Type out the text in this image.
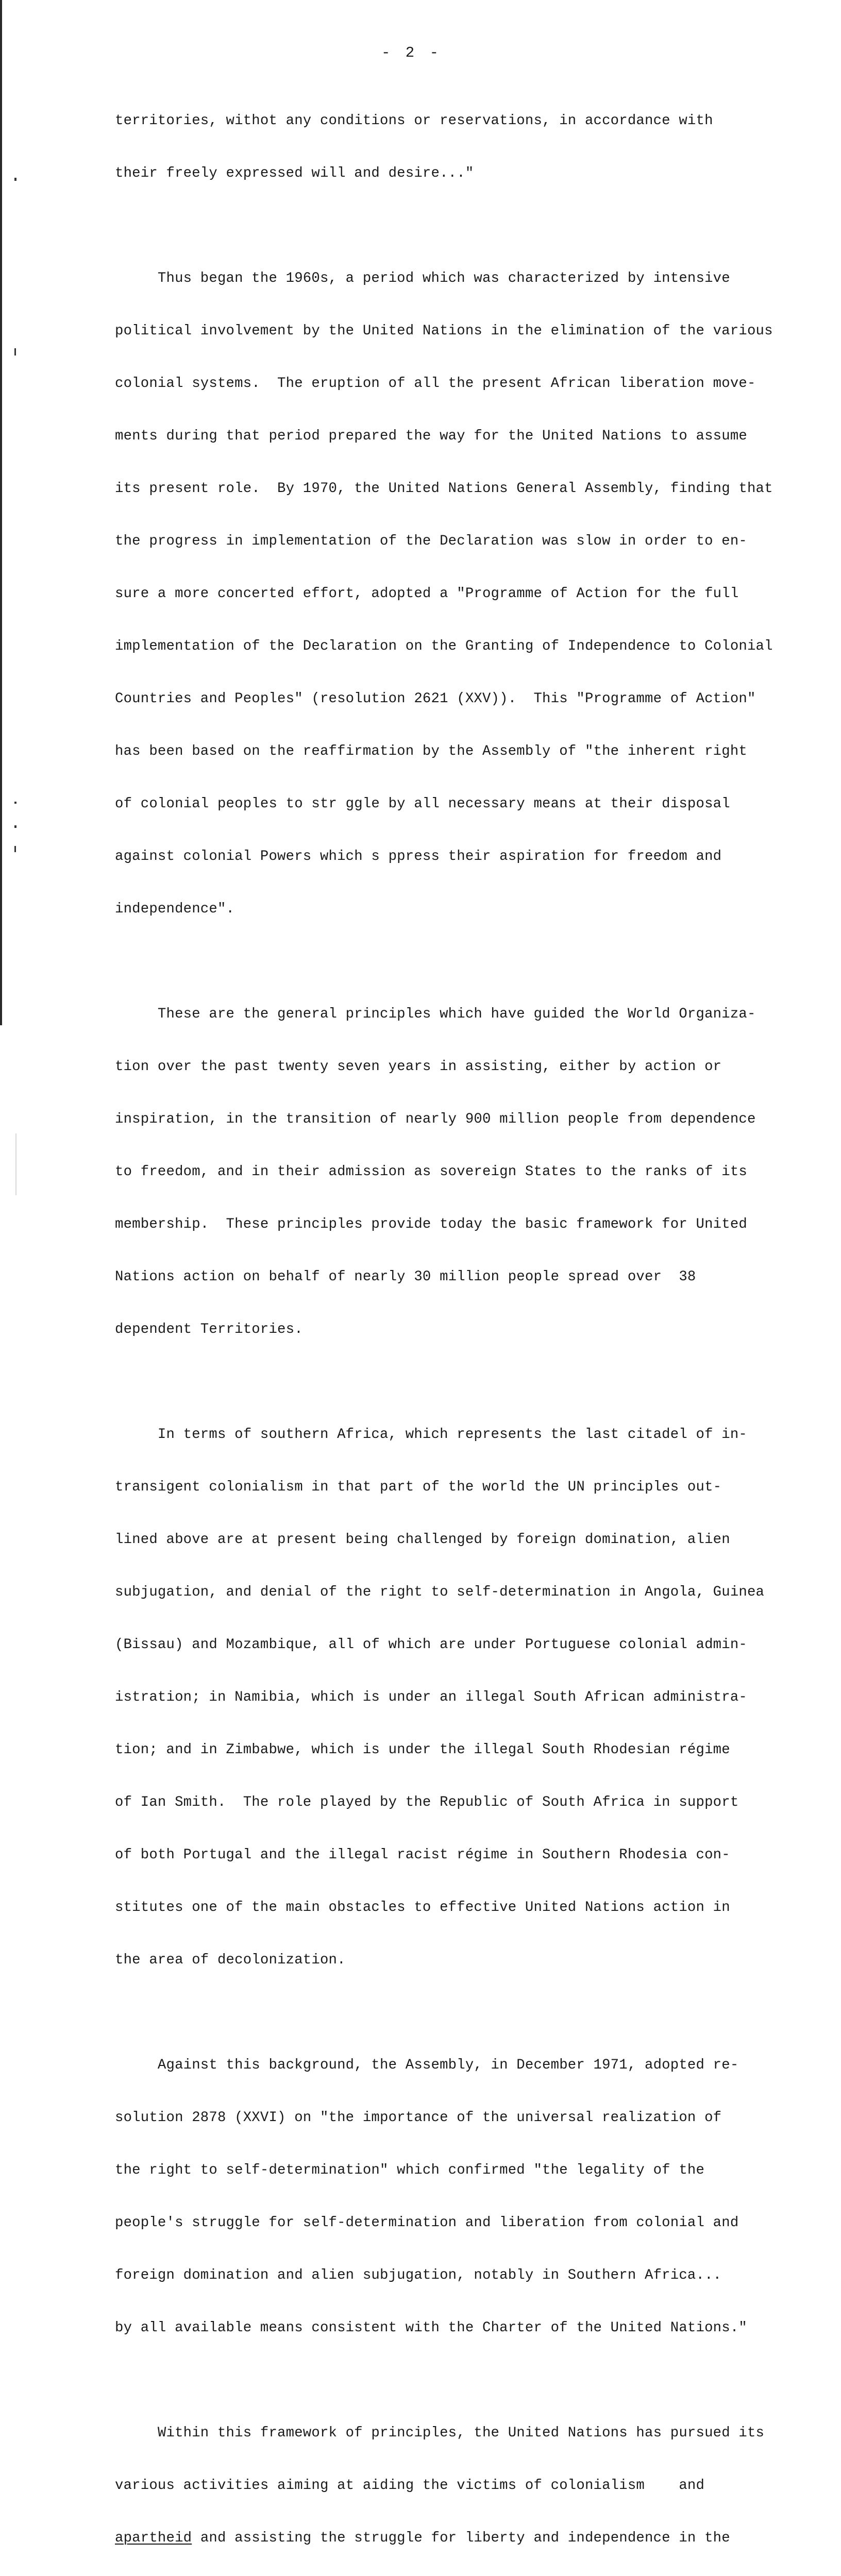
- 2 -

territories, withot any conditions or reservations, in accordance with

their freely expressed will and desire..."

Thus began the 1960s, a period which was characterized by intensive

political involvement by the United Nations in the elimination of the various

colonial systems.  The eruption of all the present African liberation move-

ments during that period prepared the way for the United Nations to assume

its present role.  By 1970, the United Nations General Assembly, finding that

the progress in implementation of the Declaration was slow in order to en-

sure a more concerted effort, adopted a "Programme of Action for the full

implementation of the Declaration on the Granting of Independence to Colonial

Countries and Peoples" (resolution 2621 (XXV)).  This "Programme of Action"

has been based on the reaffirmation by the Assembly of "the inherent right

of colonial peoples to str ggle by all necessary means at their disposal

against colonial Powers which s ppress their aspiration for freedom and

independence".

These are the general principles which have guided the World Organiza-

tion over the past twenty seven years in assisting, either by action or

inspiration, in the transition of nearly 900 million people from dependence

to freedom, and in their admission as sovereign States to the ranks of its

membership.  These principles provide today the basic framework for United

Nations action on behalf of nearly 30 million people spread over  38

dependent Territories.

In terms of southern Africa, which represents the last citadel of in-

transigent colonialism in that part of the world the UN principles out-

lined above are at present being challenged by foreign domination, alien

subjugation, and denial of the right to self-determination in Angola, Guinea

(Bissau) and Mozambique, all of which are under Portuguese colonial admin-

istration; in Namibia, which is under an illegal South African administra-

tion; and in Zimbabwe, which is under the illegal South Rhodesian régime

of Ian Smith.  The role played by the Republic of South Africa in support

of both Portugal and the illegal racist régime in Southern Rhodesia con-

stitutes one of the main obstacles to effective United Nations action in

the area of decolonization.

Against this background, the Assembly, in December 1971, adopted re-

solution 2878 (XXVI) on "the importance of the universal realization of

the right to self-determination" which confirmed "the legality of the

people's struggle for self-determination and liberation from colonial and

foreign domination and alien subjugation, notably in Southern Africa...

by all available means consistent with the Charter of the United Nations."

Within this framework of principles, the United Nations has pursued its

various activities aiming at aiding the victims of colonialism    and

apartheid and assisting the struggle for liberty and independence in the
